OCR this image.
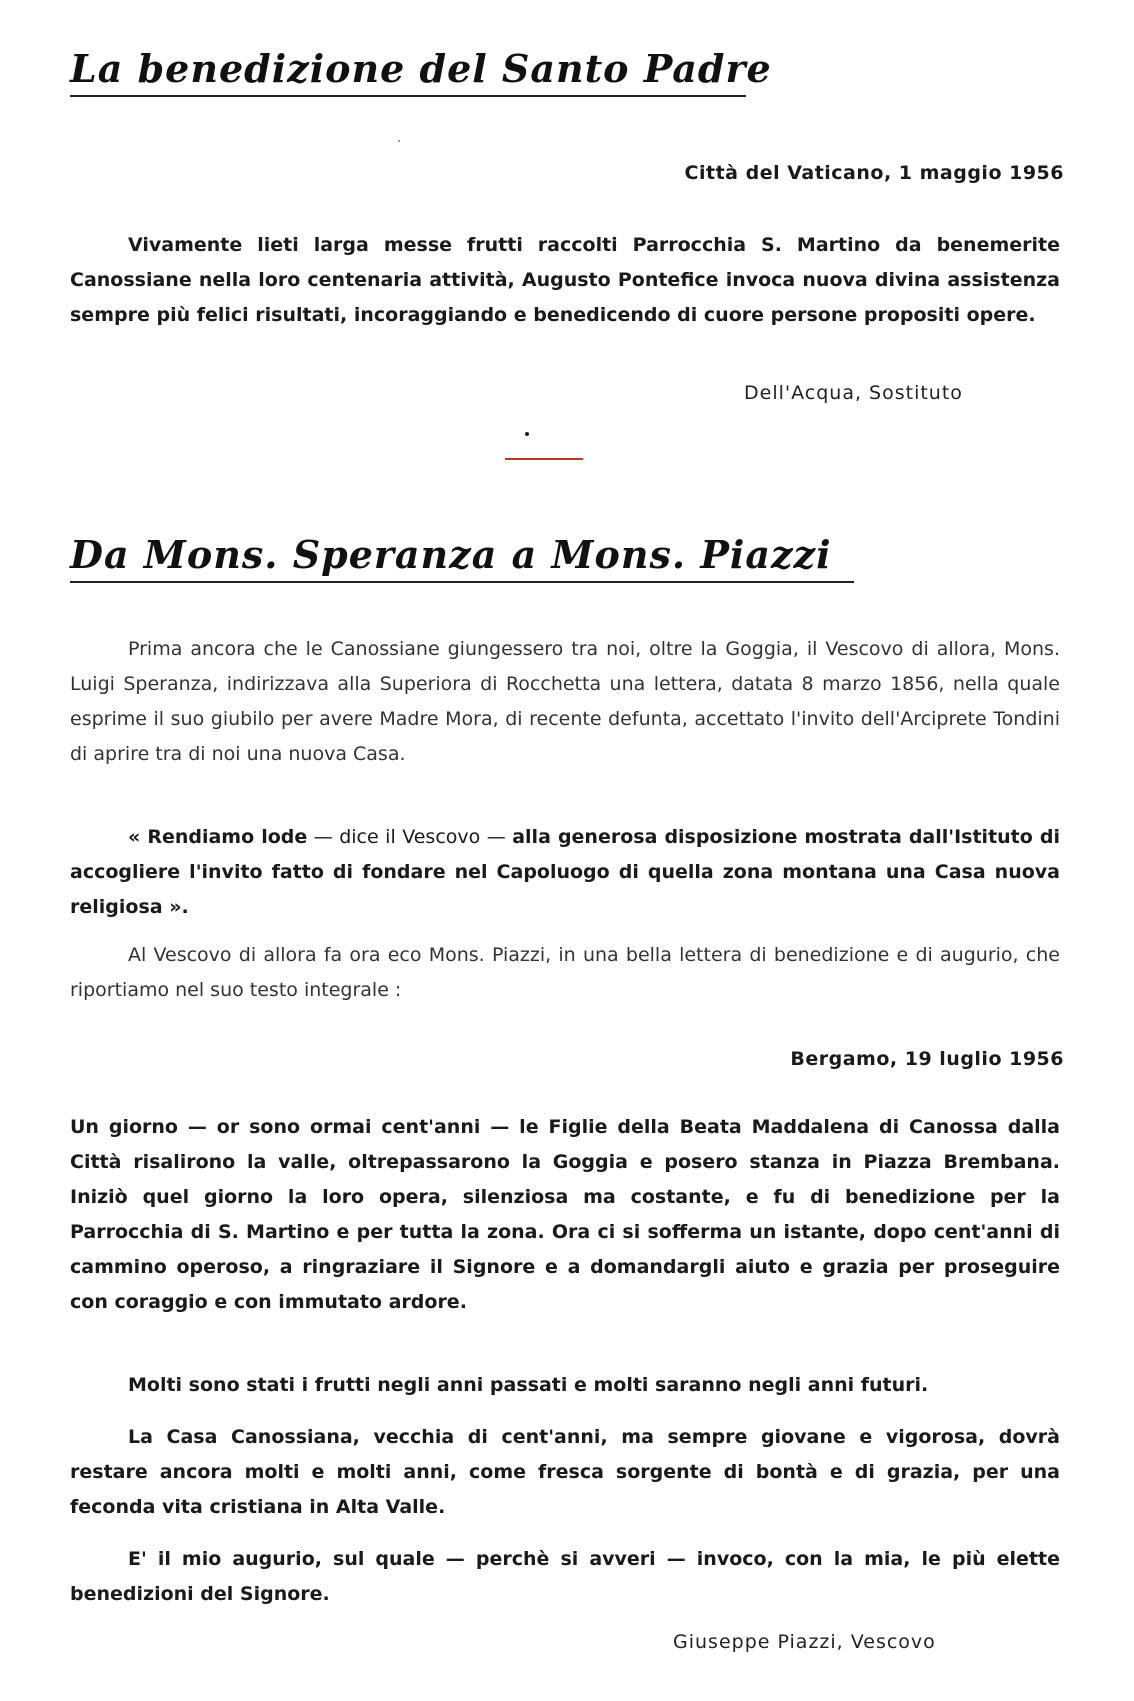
La benedizione del Santo Padre
Città del Vaticano, 1 maggio 1956

Vivamente lieti larga messe frutti raccolti Parrocchia S. Martino da benemerite Canossiane nella loro centenaria attività, Augusto Pontefice invoca nuova divina assistenza sempre più felici risultati, incoraggiando e benedicendo di cuore persone propositi opere.

Dell'Acqua, Sostituto
Da Mons. Speranza a Mons. Piazzi

Prima ancora che le Canossiane giungessero tra noi, oltre la Goggia, il Vescovo di allora, Mons. Luigi Speranza, indirizzava alla Superiora di Rocchetta una lettera, datata 8 marzo 1856, nella quale esprime il suo giubilo per avere Madre Mora, di recente defunta, accettato l'invito dell'Arciprete Tondini di aprire tra di noi una nuova Casa.

« Rendiamo lode — dice il Vescovo — alla generosa disposizione mostrata dall'Istituto di accogliere l'invito fatto di fondare nel Capoluogo di quella zona montana una Casa nuova religiosa ».

Al Vescovo di allora fa ora eco Mons. Piazzi, in una bella lettera di benedizione e di augurio, che riportiamo nel suo testo integrale :

Bergamo, 19 luglio 1956

Un giorno — or sono ormai cent'anni — le Figlie della Beata Maddalena di Canossa dalla Città risalirono la valle, oltrepassarono la Goggia e posero stanza in Piazza Brembana. Iniziò quel giorno la loro opera, silenziosa ma costante, e fu di benedizione per la Parrocchia di S. Martino e per tutta la zona. Ora ci si sofferma un istante, dopo cent'anni di cammino operoso, a ringraziare il Signore e a domandargli aiuto e grazia per proseguire con coraggio e con immutato ardore.

Molti sono stati i frutti negli anni passati e molti saranno negli anni futuri.

La Casa Canossiana, vecchia di cent'anni, ma sempre giovane e vigorosa, dovrà restare ancora molti e molti anni, come fresca sorgente di bontà e di grazia, per una feconda vita cristiana in Alta Valle.

E' il mio augurio, sul quale — perchè si avveri — invoco, con la mia, le più elette benedizioni del Signore.

Giuseppe Piazzi, Vescovo
